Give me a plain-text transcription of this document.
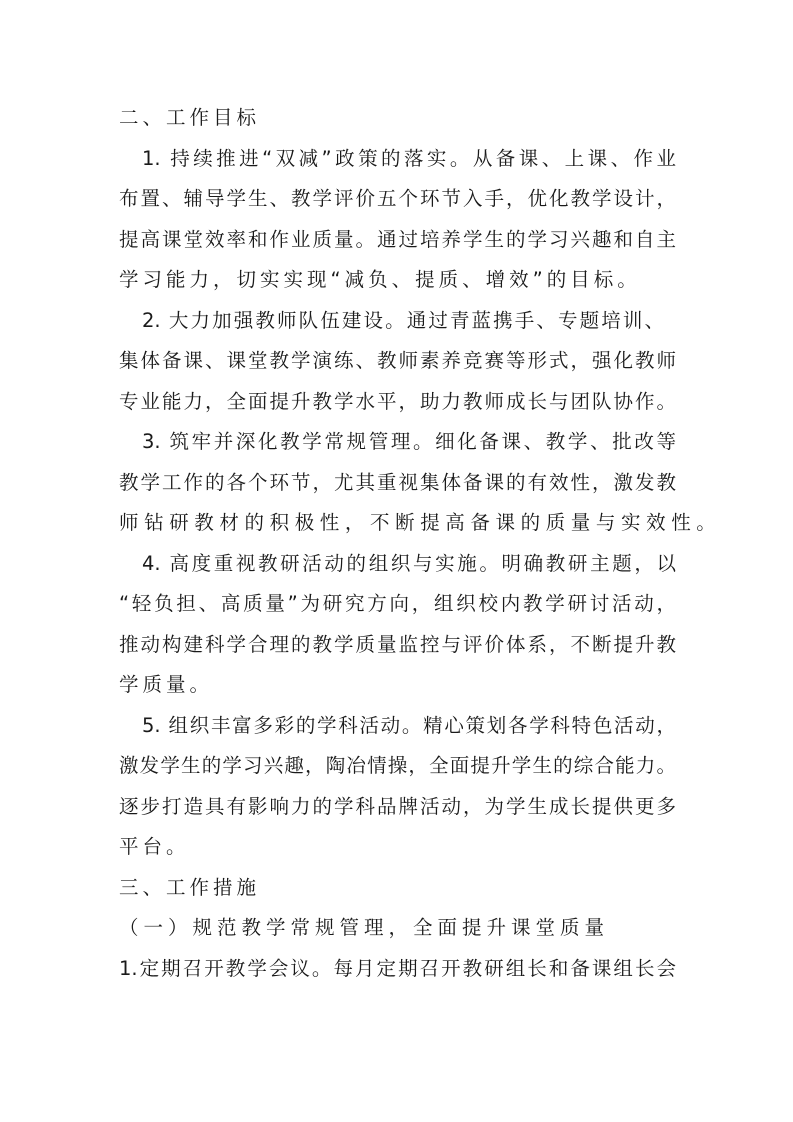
二、工作目标
1. 持续推进“双减”政策的落实。从备课、上课、作业
布置、辅导学生、教学评价五个环节入手，优化教学设计，
提高课堂效率和作业质量。通过培养学生的学习兴趣和自主
学习能力，切实实现“减负、提质、增效”的目标。
2. 大力加强教师队伍建设。通过青蓝携手、专题培训、
集体备课、课堂教学演练、教师素养竞赛等形式，强化教师
专业能力，全面提升教学水平，助力教师成长与团队协作。
3. 筑牢并深化教学常规管理。细化备课、教学、批改等
教学工作的各个环节，尤其重视集体备课的有效性，激发教
师钻研教材的积极性，不断提高备课的质量与实效性。
4. 高度重视教研活动的组织与实施。明确教研主题，以
“轻负担、高质量”为研究方向，组织校内教学研讨活动，
推动构建科学合理的教学质量监控与评价体系，不断提升教
学质量。
5. 组织丰富多彩的学科活动。精心策划各学科特色活动，
激发学生的学习兴趣，陶冶情操，全面提升学生的综合能力。
逐步打造具有影响力的学科品牌活动，为学生成长提供更多
平台。
三、工作措施
（一）规范教学常规管理，全面提升课堂质量
1.定期召开教学会议。每月定期召开教研组长和备课组长会
